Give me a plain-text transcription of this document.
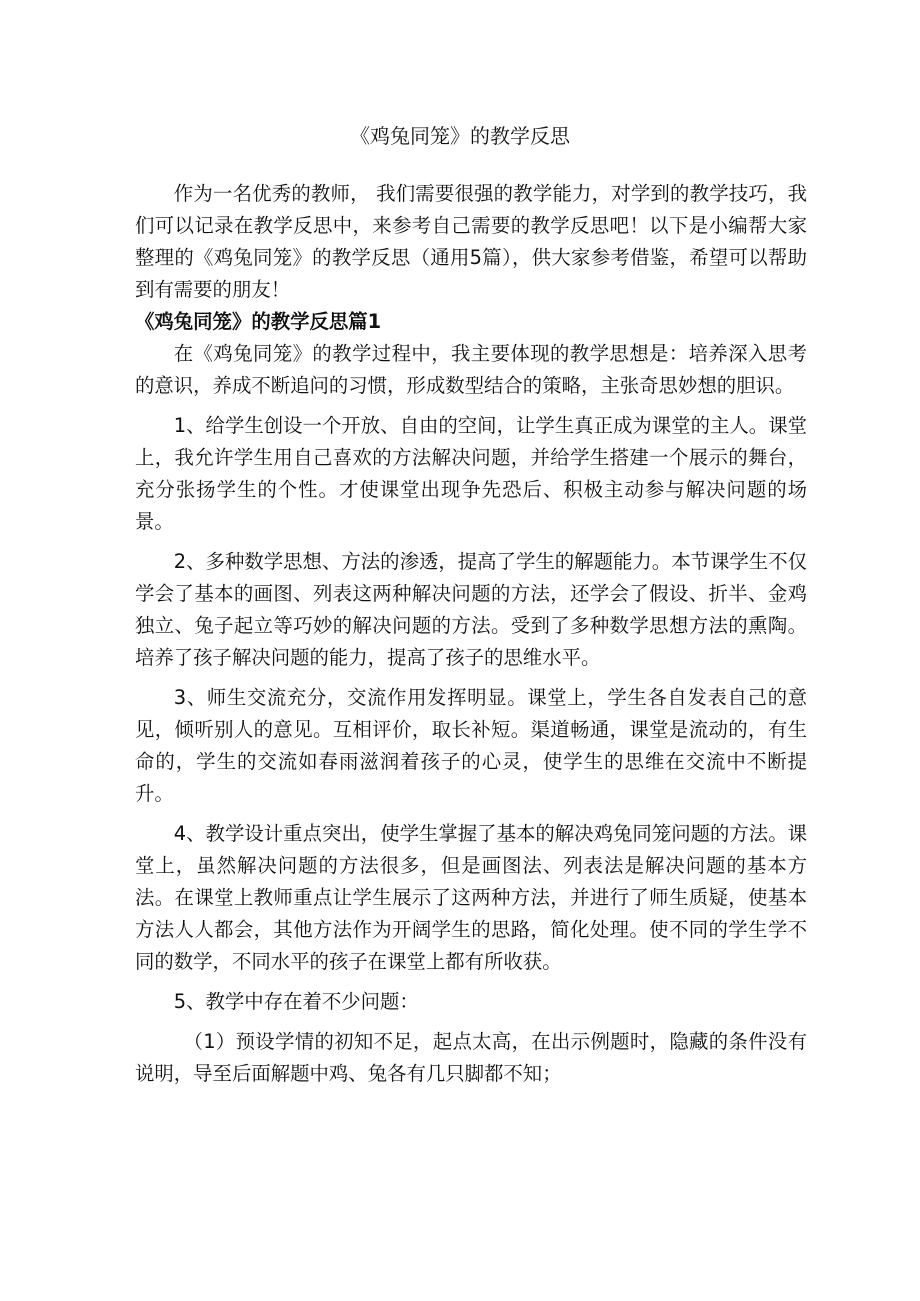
《鸡兔同笼》的教学反思

作为一名优秀的教师， 我们需要很强的教学能力，对学到的教学技巧，我们可以记录在教学反思中，来参考自己需要的教学反思吧！以下是小编帮大家整理的《鸡兔同笼》的教学反思（通用5篇），供大家参考借鉴，希望可以帮助到有需要的朋友！

《鸡兔同笼》的教学反思篇1

在《鸡兔同笼》的教学过程中，我主要体现的教学思想是：培养深入思考的意识，养成不断追问的习惯，形成数型结合的策略，主张奇思妙想的胆识。

1、给学生创设一个开放、自由的空间，让学生真正成为课堂的主人。课堂上，我允许学生用自己喜欢的方法解决问题，并给学生搭建一个展示的舞台，充分张扬学生的个性。才使课堂出现争先恐后、积极主动参与解决问题的场景。

2、多种数学思想、方法的渗透，提高了学生的解题能力。本节课学生不仅学会了基本的画图、列表这两种解决问题的方法，还学会了假设、折半、金鸡独立、兔子起立等巧妙的解决问题的方法。受到了多种数学思想方法的熏陶。培养了孩子解决问题的能力，提高了孩子的思维水平。

3、师生交流充分，交流作用发挥明显。课堂上，学生各自发表自己的意见，倾听别人的意见。互相评价，取长补短。渠道畅通，课堂是流动的，有生命的，学生的交流如春雨滋润着孩子的心灵，使学生的思维在交流中不断提升。

4、教学设计重点突出，使学生掌握了基本的解决鸡兔同笼问题的方法。课堂上，虽然解决问题的方法很多，但是画图法、列表法是解决问题的基本方法。在课堂上教师重点让学生展示了这两种方法，并进行了师生质疑，使基本方法人人都会，其他方法作为开阔学生的思路，简化处理。使不同的学生学不同的数学，不同水平的孩子在课堂上都有所收获。

5、教学中存在着不少问题：

（1）预设学情的初知不足，起点太高，在出示例题时，隐藏的条件没有说明，导至后面解题中鸡、兔各有几只脚都不知；
